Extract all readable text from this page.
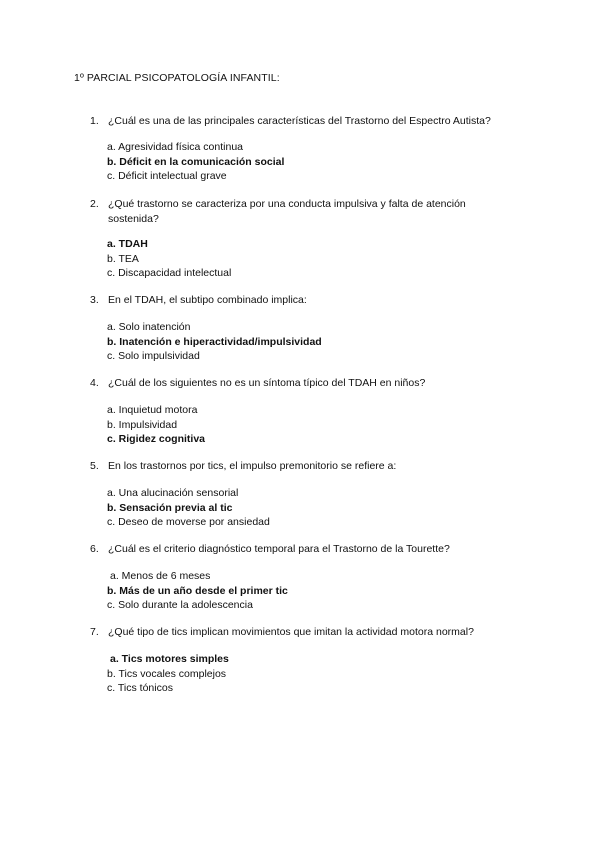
1º PARCIAL PSICOPATOLOGÍA INFANTIL:
1. ¿Cuál es una de las principales características del Trastorno del Espectro Autista?
a. Agresividad física continua
b. Déficit en la comunicación social
c. Déficit intelectual grave
2. ¿Qué trastorno se caracteriza por una conducta impulsiva y falta de atención sostenida?
a. TDAH
b. TEA
c. Discapacidad intelectual
3. En el TDAH, el subtipo combinado implica:
a. Solo inatención
b. Inatención e hiperactividad/impulsividad
c. Solo impulsividad
4. ¿Cuál de los siguientes no es un síntoma típico del TDAH en niños?
a. Inquietud motora
b. Impulsividad
c. Rigidez cognitiva
5. En los trastornos por tics, el impulso premonitorio se refiere a:
a. Una alucinación sensorial
b. Sensación previa al tic
c. Deseo de moverse por ansiedad
6. ¿Cuál es el criterio diagnóstico temporal para el Trastorno de la Tourette?
a. Menos de 6 meses
b. Más de un año desde el primer tic
c. Solo durante la adolescencia
7. ¿Qué tipo de tics implican movimientos que imitan la actividad motora normal?
a. Tics motores simples
b. Tics vocales complejos
c. Tics tónicos
